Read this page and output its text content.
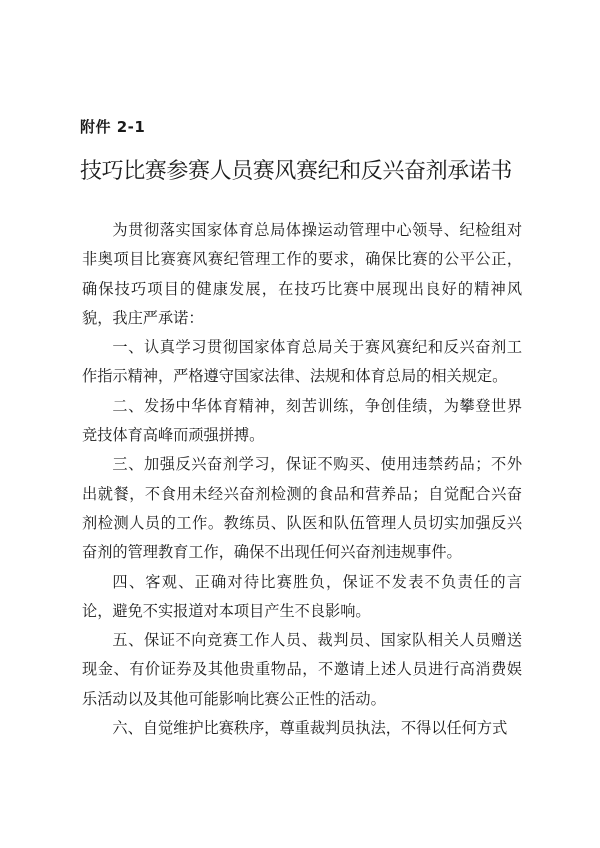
附件 2-1
技巧比赛参赛人员赛风赛纪和反兴奋剂承诺书

为贯彻落实国家体育总局体操运动管理中心领导、纪检组对非奥项目比赛赛风赛纪管理工作的要求，确保比赛的公平公正，确保技巧项目的健康发展，在技巧比赛中展现出良好的精神风貌，我庄严承诺：

一、认真学习贯彻国家体育总局关于赛风赛纪和反兴奋剂工作指示精神，严格遵守国家法律、法规和体育总局的相关规定。

二、发扬中华体育精神，刻苦训练，争创佳绩，为攀登世界竞技体育高峰而顽强拼搏。

三、加强反兴奋剂学习，保证不购买、使用违禁药品；不外出就餐，不食用未经兴奋剂检测的食品和营养品；自觉配合兴奋剂检测人员的工作。教练员、队医和队伍管理人员切实加强反兴奋剂的管理教育工作，确保不出现任何兴奋剂违规事件。

四、客观、正确对待比赛胜负，保证不发表不负责任的言论，避免不实报道对本项目产生不良影响。

五、保证不向竞赛工作人员、裁判员、国家队相关人员赠送现金、有价证券及其他贵重物品，不邀请上述人员进行高消费娱乐活动以及其他可能影响比赛公正性的活动。

六、自觉维护比赛秩序，尊重裁判员执法，不得以任何方式
